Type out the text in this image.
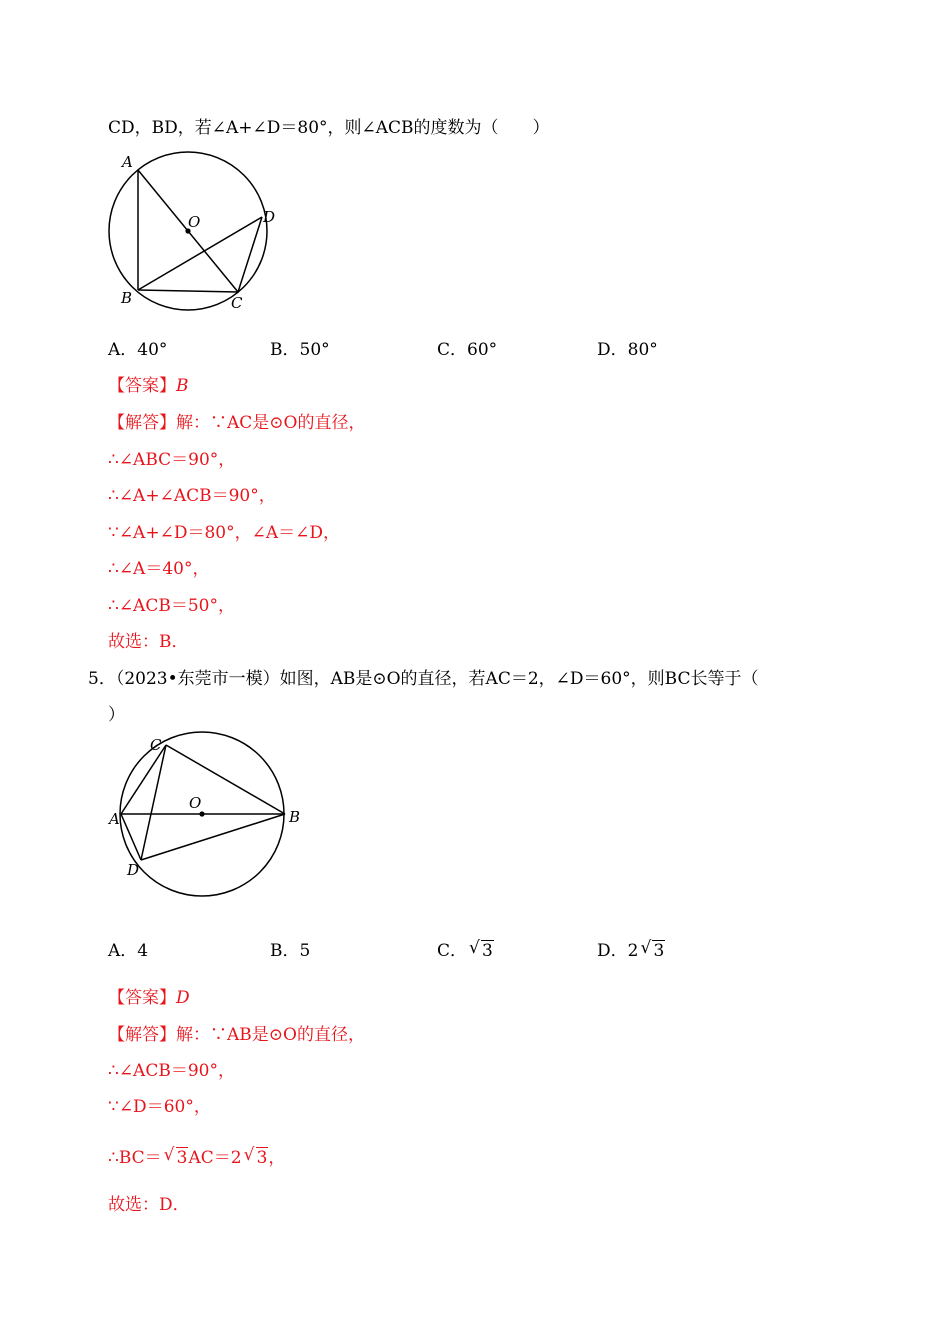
CD，BD，若∠A+∠D＝80°，则∠ACB的度数为（　　）
A
O	D
B	C
A．40°	B．50°	C．60°	D．80°
【答案】B
【解答】解：∵AC是⊙O的直径，
∴∠ABC＝90°，
∴∠A+∠ACB＝90°，
∵∠A+∠D＝80°，∠A＝∠D，
∴∠A＝40°，
∴∠ACB＝50°，
故选：B．
5．（2023•东莞市一模）如图，AB是⊙O的直径，若AC＝2，∠D＝60°，则BC长等于（
）
C
O
A	B
D
A．4	B．5	C． √ 3	D．2 √ 3
【答案】D
【解答】解：∵AB是⊙O的直径，
∴∠ACB＝90°，
∵∠D＝60°，
∴BC＝ √ 3AC＝2 √ 3，
故选：D．
